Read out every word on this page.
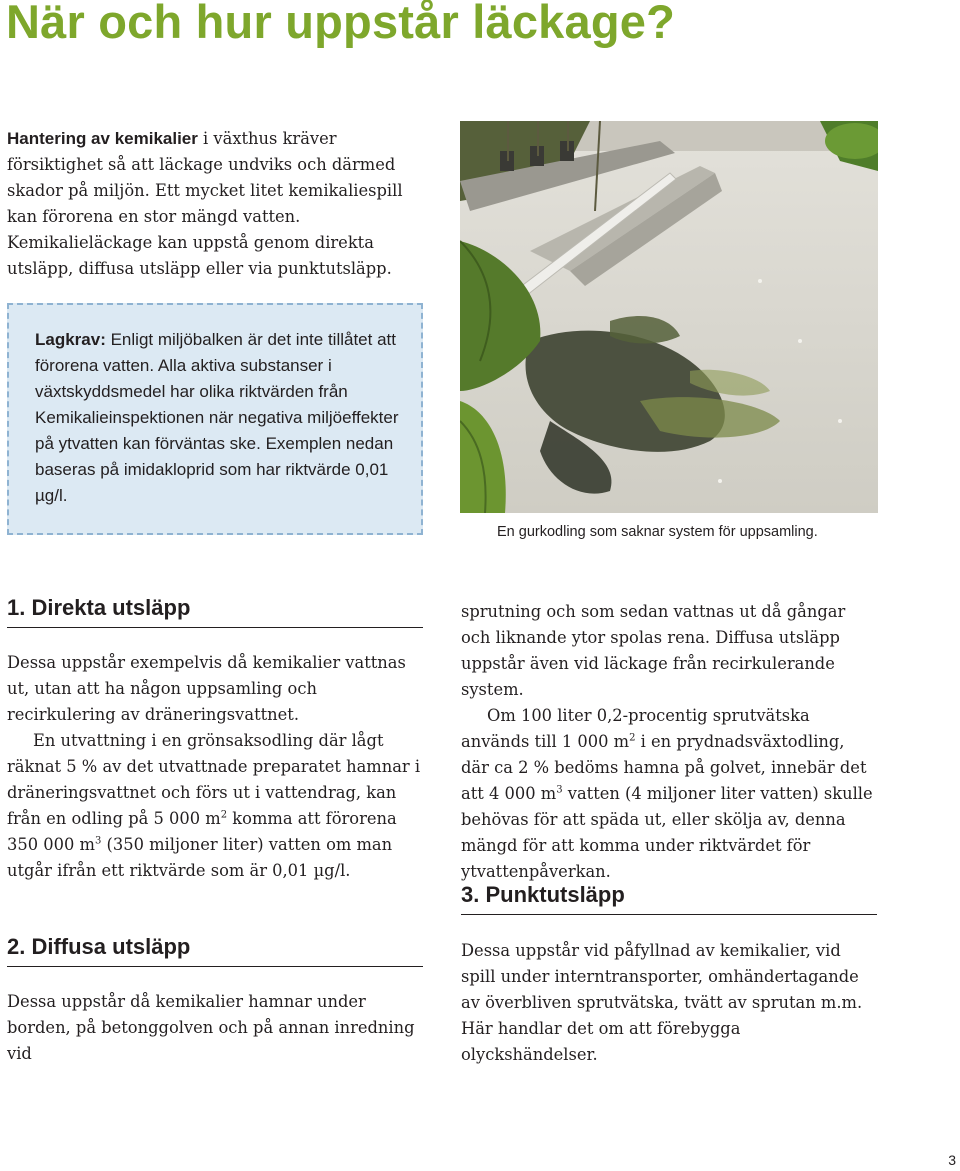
När och hur uppstår läckage?
Hantering av kemikalier i växthus kräver försiktighet så att läckage undviks och därmed skador på miljön. Ett mycket litet kemikaliespill kan förorena en stor mängd vatten. Kemikalieläckage kan uppstå genom direkta utsläpp, diffusa utsläpp eller via punktutsläpp.
Lagkrav: Enligt miljöbalken är det inte tillåtet att förorena vatten. Alla aktiva substanser i växtskyddsmedel har olika riktvärden från Kemikalieinspektionen när negativa miljöeffekter på ytvatten kan förväntas ske. Exemplen nedan baseras på imidakloprid som har riktvärde 0,01 µg/l.
En gurkodling som saknar system för uppsamling.
1. Direkta utsläpp

Dessa uppstår exempelvis då kemikalier vattnas ut, utan att ha någon uppsamling och recirkulering av dräneringsvattnet.

En utvattning i en grönsaksodling där lågt räknat 5 % av det utvattnade preparatet hamnar i dräneringsvattnet och förs ut i vattendrag, kan från en odling på 5 000 $m^2$ komma att förorena 350 000 $m^3$ (350 miljoner liter) vatten om man utgår ifrån ett riktvärde som är 0,01 µg/l.

2. Diffusa utsläpp

Dessa uppstår då kemikalier hamnar under borden, på betonggolven och på annan inredning vid

sprutning och som sedan vattnas ut då gångar och liknande ytor spolas rena. Diffusa utsläpp uppstår även vid läckage från recirkulerande system.

Om 100 liter 0,2-procentig sprutvätska används till 1 000 $m^2$ i en prydnadsväxtodling, där ca 2 % bedöms hamna på golvet, innebär det att 4 000 $m^3$ vatten (4 miljoner liter vatten) skulle behövas för att späda ut, eller skölja av, denna mängd för att komma under riktvärdet för ytvattenpåverkan.

3. Punktutsläpp

Dessa uppstår vid påfyllnad av kemikalier, vid spill under interntransporter, omhändertagande av överbliven sprutvätska, tvätt av sprutan m.m. Här handlar det om att förebygga olyckshändelser.

3
